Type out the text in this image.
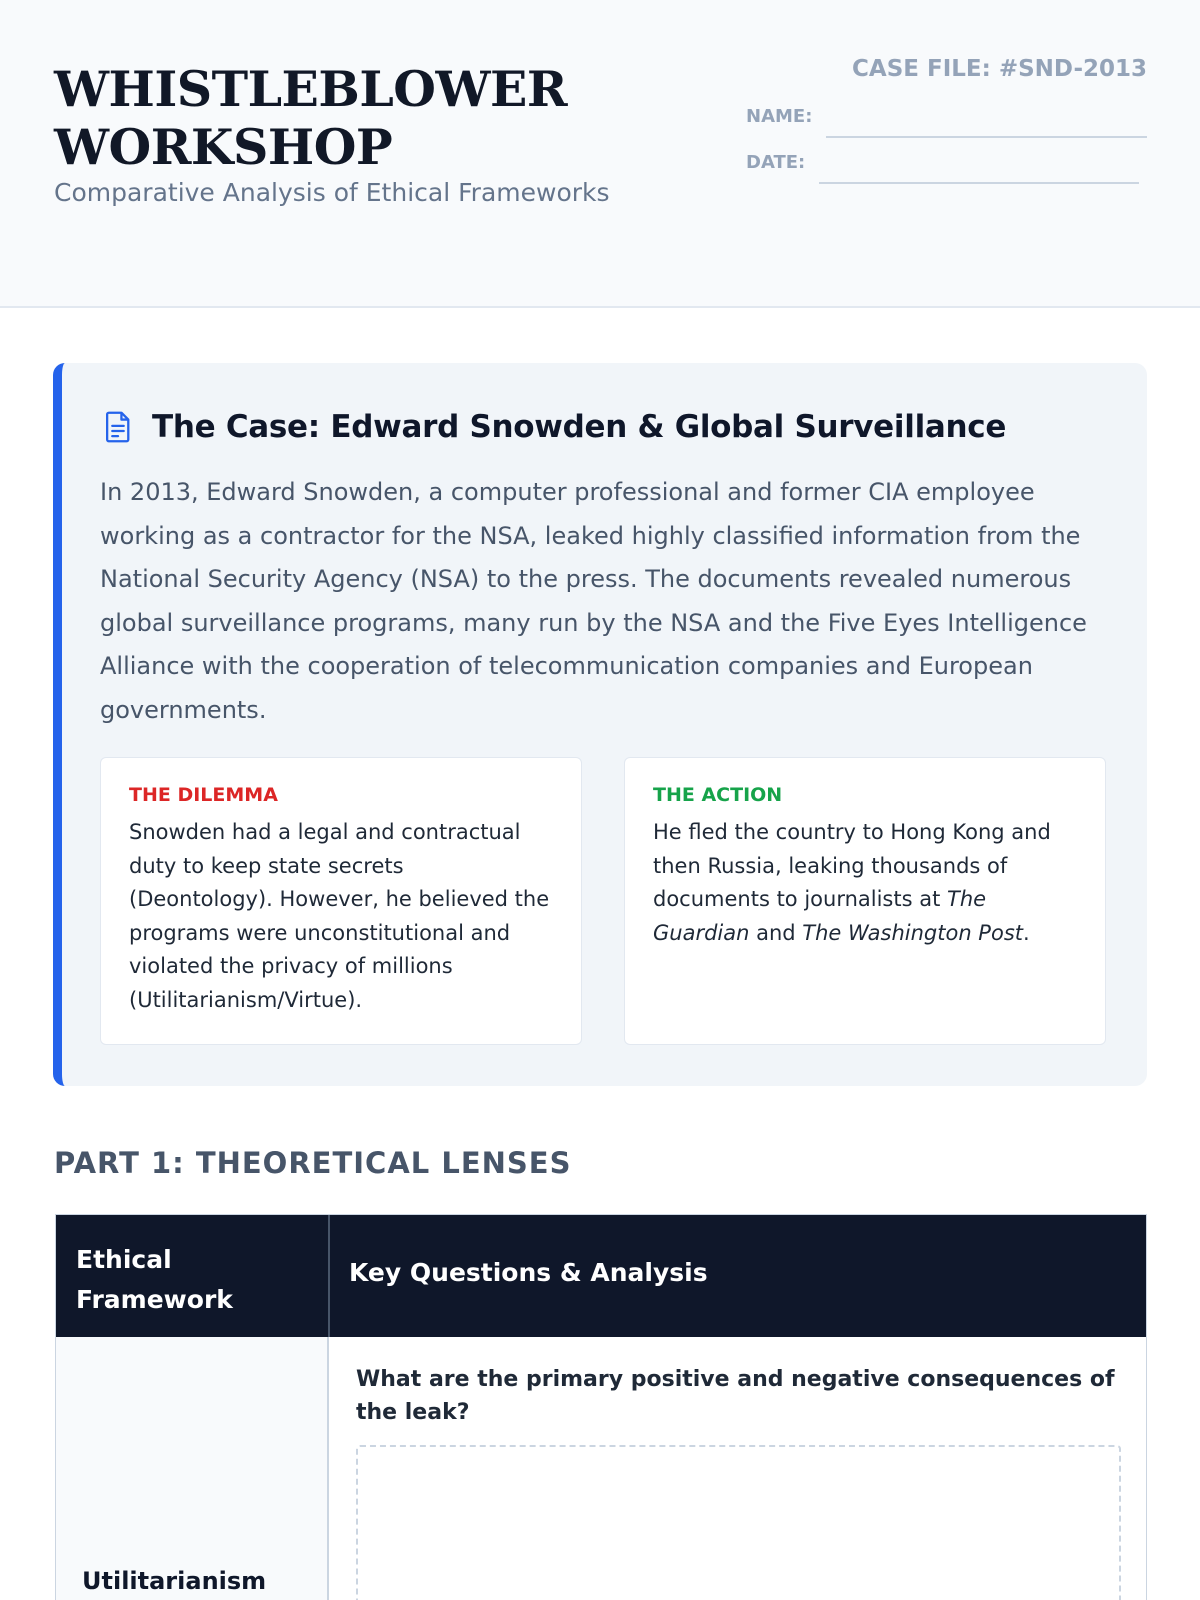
WHISTLEBLOWER
WORKSHOP
Comparative Analysis of Ethical Frameworks
CASE FILE: #SND-2013
NAME:
DATE:
The Case: Edward Snowden & Global Surveillance

In 2013, Edward Snowden, a computer professional and former CIA employee working as a contractor for the NSA, leaked highly classified information from the National Security Agency (NSA) to the press. The documents revealed numerous global surveillance programs, many run by the NSA and the Five Eyes Intelligence Alliance with the cooperation of telecommunication companies and European governments.

THE DILEMMA
Snowden had a legal and contractual duty to keep state secrets (Deontology). However, he believed the programs were unconstitutional and violated the privacy of millions (Utilitarianism/Virtue).
THE ACTION
He fled the country to Hong Kong and then Russia, leaking thousands of documents to journalists at The Guardian and The Washington Post.
PART 1: THEORETICAL LENSES
Ethical Framework
Key Questions & Analysis
Utilitarianism
What are the primary positive and negative consequences of the leak?
